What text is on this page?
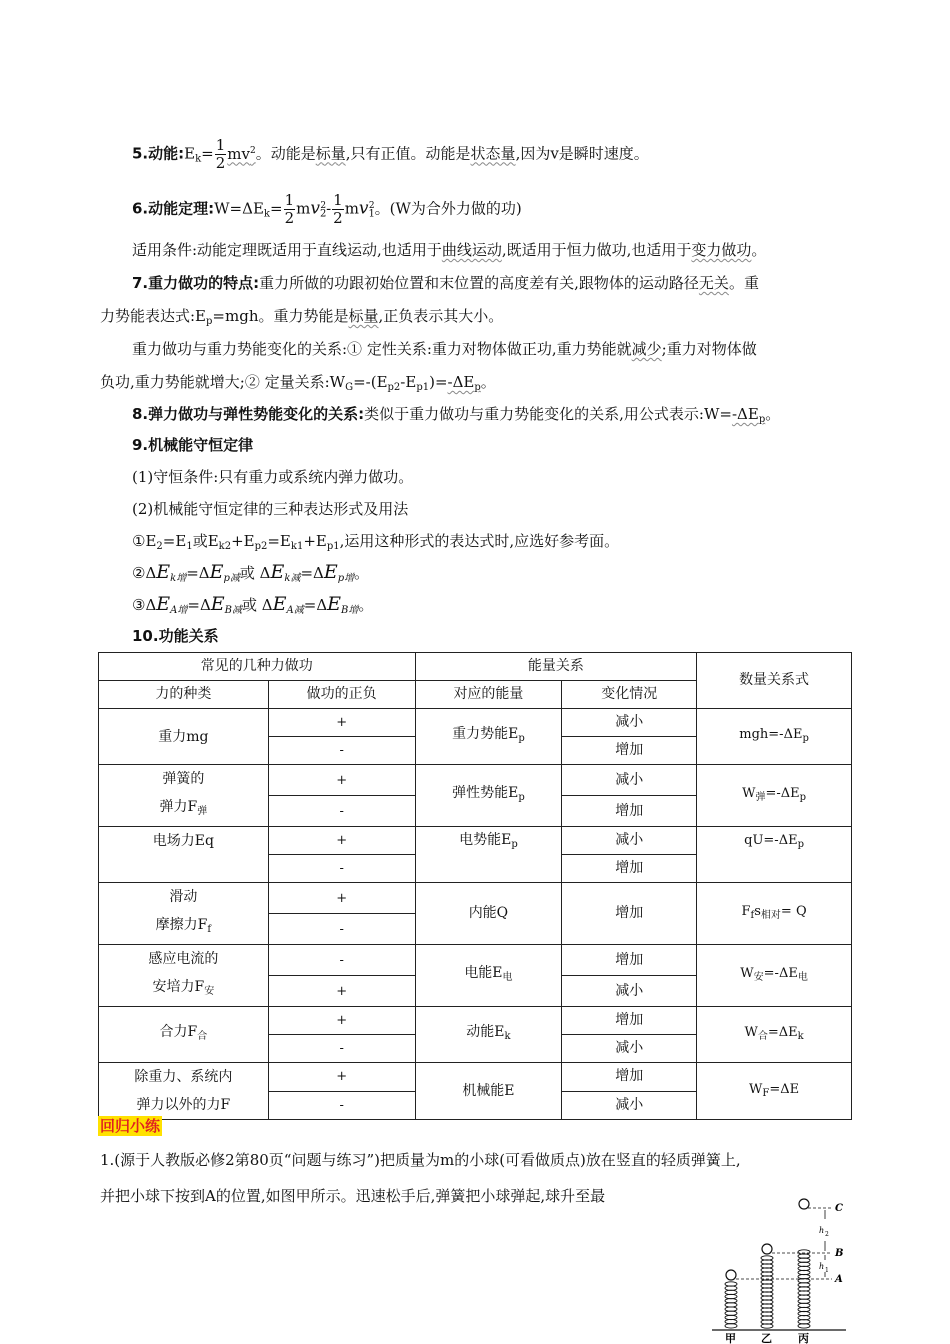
5.动能$:E_k= \frac{1}{2} mv^2$。动能是标量,只有正值。动能是状态量,因为v是瞬时速度。
6.动能定理$:W=\Delta E_k= \frac{1}{2} mv_2^2- \frac{1}{2} mv_1^2$。(W为合外力做的功)
适用条件:动能定理既适用于直线运动,也适用于曲线运动,既适用于恒力做功,也适用于变力做功。
7.重力做功的特点:重力所做的功跟初始位置和末位置的高度差有关,跟物体的运动路径无关。重
力势能表达式$:E_p=mgh$。重力势能是标量,正负表示其大小。
重力做功与重力势能变化的关系:① 定性关系:重力对物体做正功,重力势能就减少;重力对物体做
负功,重力势能就增大;② 定量关系$:W_G=-(E_{p2}-E_{p1})=-\Delta E_p$。
8.弹力做功与弹性势能变化的关系:类似于重力做功与重力势能变化的关系,用公式表示$:W=-\Delta E_p$。
9.机械能守恒定律
(1)守恒条件:只有重力或系统内弹力做功。
(2)机械能守恒定律的三种表达形式及用法
$①E_2=E_1$或$E_{k2}+E_{p2}=E_{k1}+E_{p1}$,运用这种形式的表达式时,应选好参考面。
$②\Delta E_{k增}=\Delta E_{p减}$或 $\Delta E_{k减}=\Delta E_{p增}$。
$③\Delta E_{A增}=\Delta E_{B减}$或 $\Delta E_{A减}=\Delta E_{B增}$。
10.功能关系
常见的几种力做功		能量关系		数量关系式
力的种类	做功的正负	对应的能量	变化情况	
重力mg	+	重力势能$E_p$	减小	$mgh=-\Delta E_p$
	-		增加	

弹簧的
弹力$F_弹$	+	弹性势能$E_p$	减小	$W_弹=-\Delta E_p$
	-		增加	
电场力Eq	+	电势能$E_p$	减小	$qU=-\Delta E_p$
	-		增加	

滑动
摩擦力$F_f$	+	内能Q	增加	$F_fs_{相对}= Q$
	-			

感应电流的
安培力$F_安$	-	电能$E_电$	增加	$W_安=-\Delta E_电$
	+		减小	
合力$F_合$	+	动能$E_k$	增加	$W_合=\Delta E_k$
	-		减小	

除重力、系统内
弹力以外的力F	+	机械能E	增加	$W_F=\Delta E$
	-		减小	
回归小练
1.(源于人教版必修2第80页“问题与练习”)把质量为m的小球(可看做质点)放在竖直的轻质弹簧上,
并把小球下按到A的位置,如图甲所示。迅速松手后,弹簧把小球弹起,球升至最
C
B
A
h 2
h 1
甲 乙 丙
